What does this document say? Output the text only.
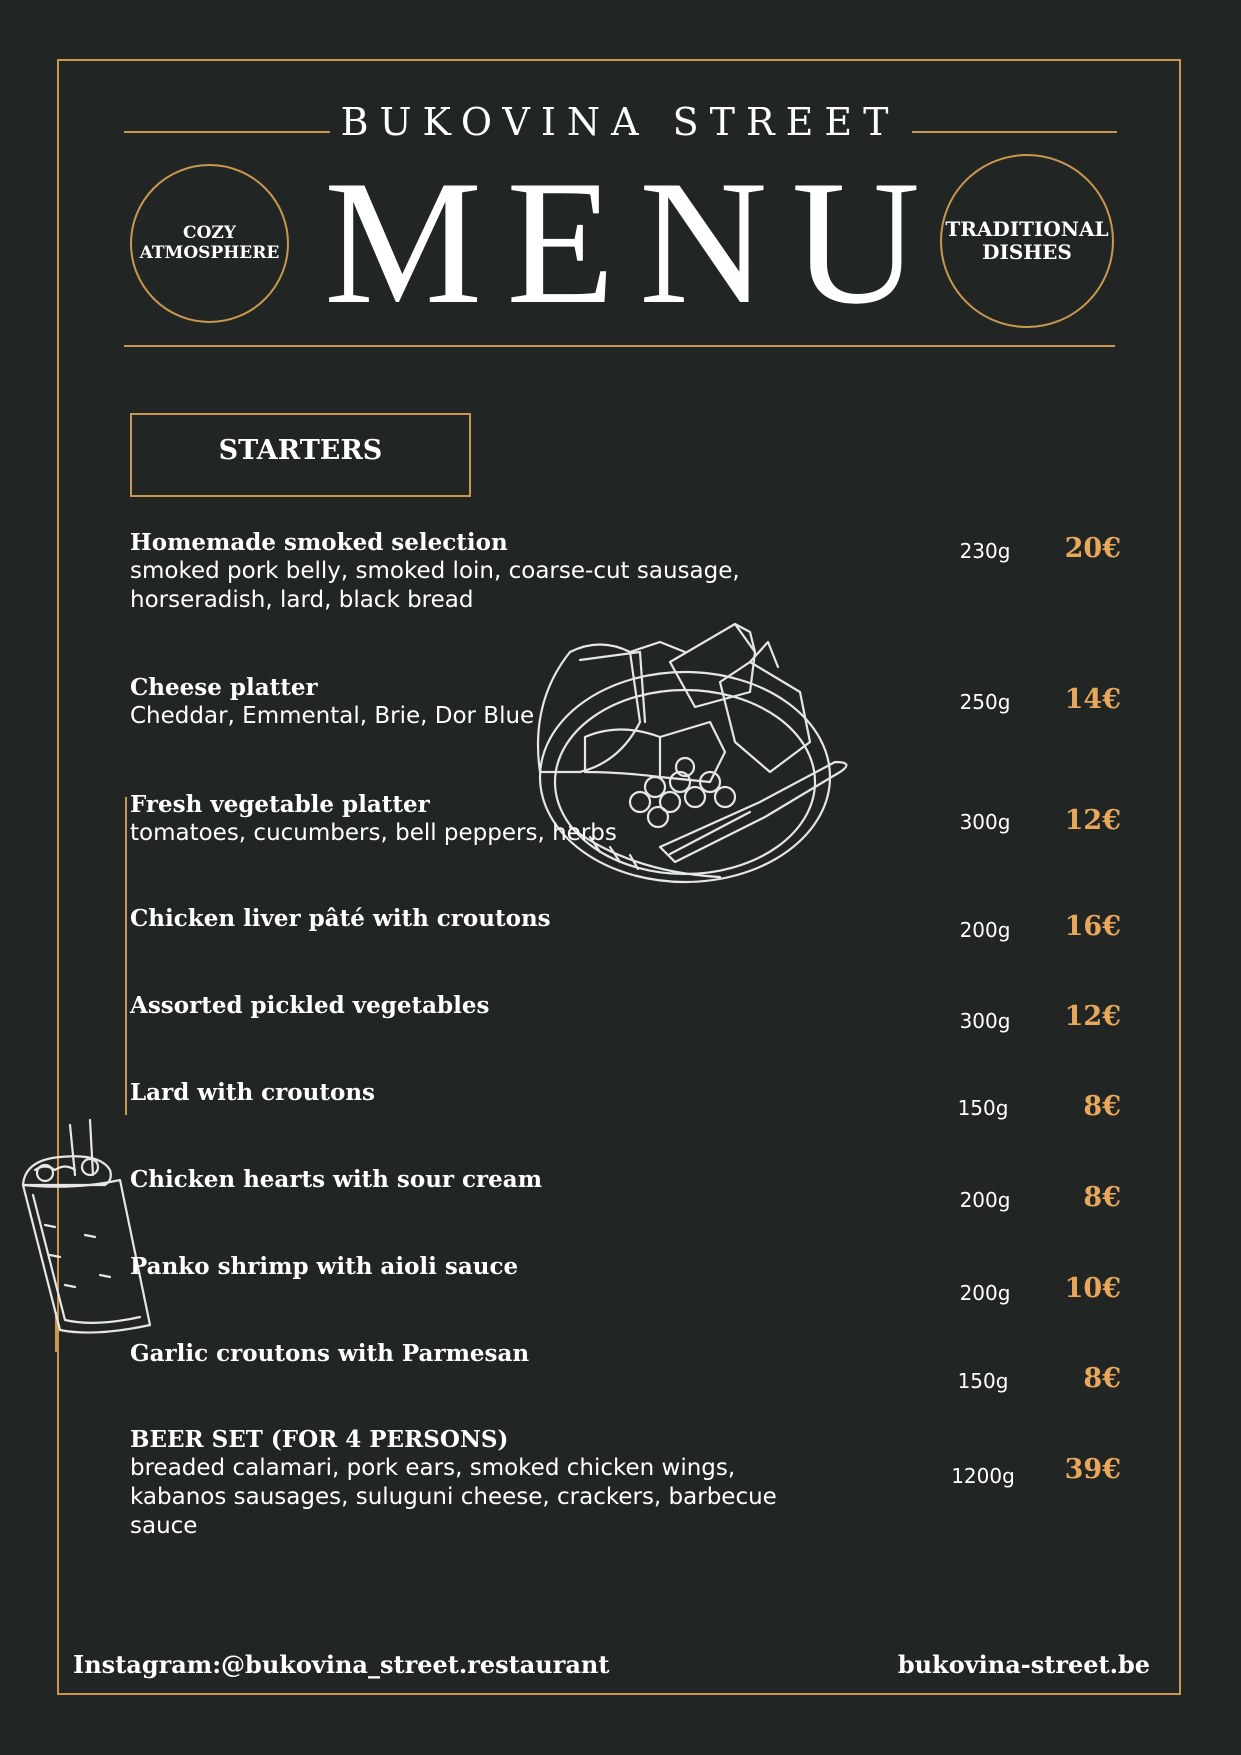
BUKOVINA STREET
MENU
COZY
ATMOSPHERE
TRADITIONAL
DISHES
STARTERS
Homemade smoked selection
smoked pork belly, smoked loin, coarse-cut sausage, horseradish, lard, black bread
230g	20€
Cheese platter
Cheddar, Emmental, Brie, Dor Blue
250g	14€
Fresh vegetable platter
tomatoes, cucumbers, bell peppers, herbs	300g	12€
Chicken liver pâté with croutons	200g	16€
Assorted pickled vegetables
300g	12€
Lard with croutons
150g	8€
Chicken hearts with sour cream
200g	8€
Panko shrimp with aioli sauce
200g	10€
Garlic croutons with Parmesan
150g	8€
BEER SET (FOR 4 PERSONS)
breaded calamari, pork ears, smoked chicken wings, kabanos sausages, suluguni cheese, crackers, barbecue sauce
1200g	39€
Instagram:@bukovina_street.restaurant	bukovina-street.be
